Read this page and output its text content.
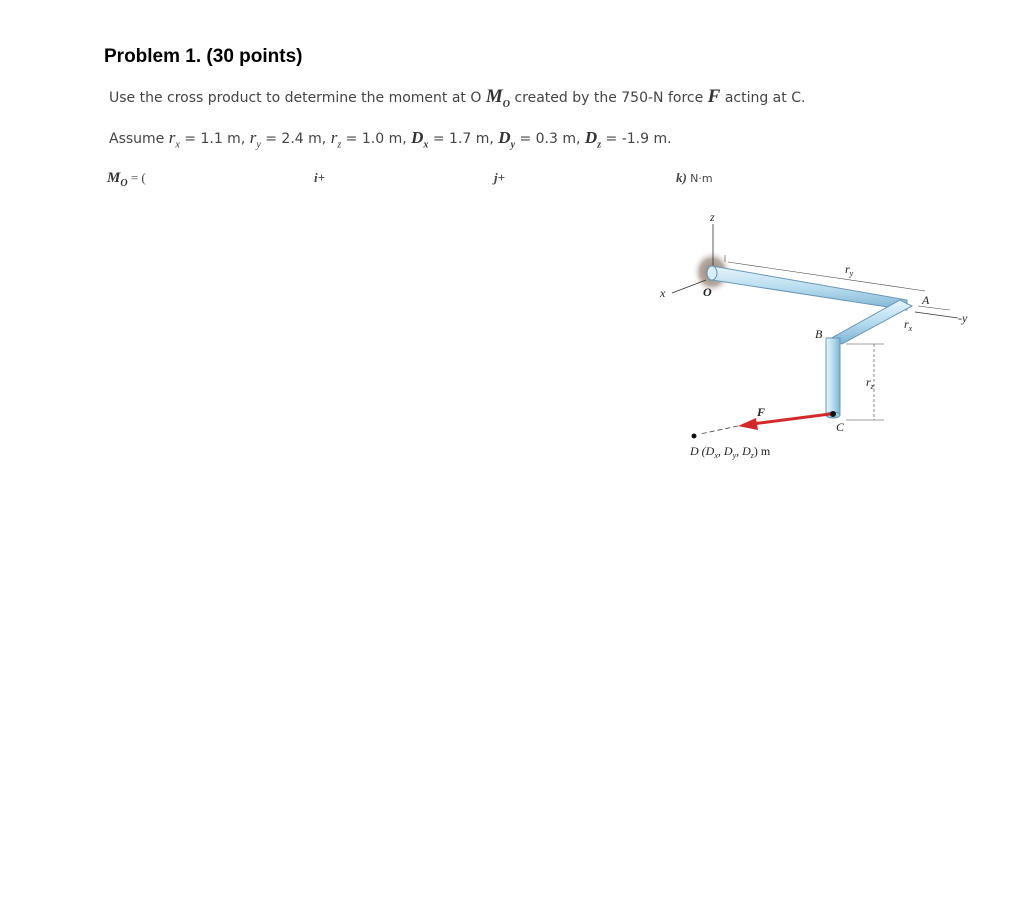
Problem 1. (30 points)
Use the cross product to determine the moment at O $M_O$ created by the 750-N force F acting at C.
Assume $r_x = 1.1$ m, $r_y = 2.4$ m, $r_z = 1.0$ m, $D_x = 1.7$ m, $D_y = 0.3$ m, $D_z = -1.9$ m.
$M_O$ = (	i+	j+	k) N·m
z
x
-y
$r_y$
A
$r_x$
B
$r_z$
C
F
D ($D_x$, $D_y$, $D_z$) m
O
